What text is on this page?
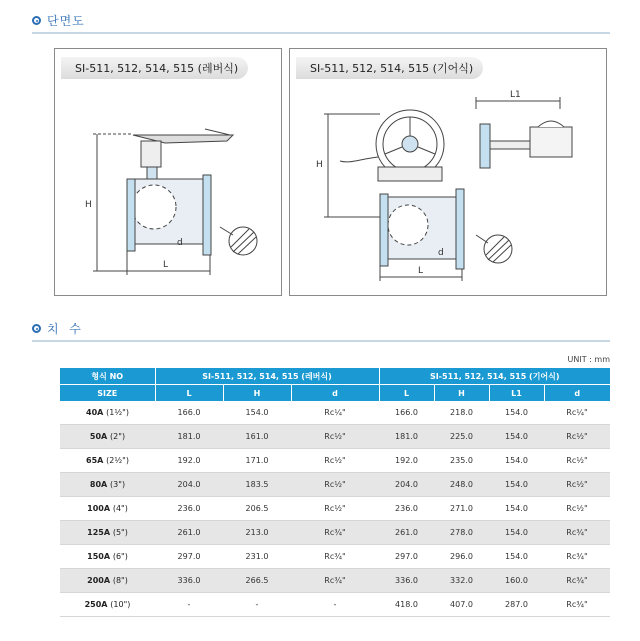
단면도
SI-511, 512, 514, 515 (레버식)
H
L
d
SI-511, 512, 514, 515 (기어식)
H
L
L1
d
치  수
UNIT : mm
형식 NO	SI-511, 512, 514, 515 (레버식)			SI-511, 512, 514, 515 (기어식)			
SIZE	L	H	d	L	H	L1	d
40A (1½")	166.0	154.0	Rc¼"	166.0	218.0	154.0	Rc¼"
50A (2")	181.0	161.0	Rc½"	181.0	225.0	154.0	Rc½"
65A (2½")	192.0	171.0	Rc½"	192.0	235.0	154.0	Rc½"
80A (3")	204.0	183.5	Rc½"	204.0	248.0	154.0	Rc½"
100A (4")	236.0	206.5	Rc½"	236.0	271.0	154.0	Rc½"
125A (5")	261.0	213.0	Rc¾"	261.0	278.0	154.0	Rc¾"
150A (6")	297.0	231.0	Rc¾"	297.0	296.0	154.0	Rc¾"
200A (8")	336.0	266.5	Rc¾"	336.0	332.0	160.0	Rc¾"
250A (10")	-	-	-	418.0	407.0	287.0	Rc¾"
